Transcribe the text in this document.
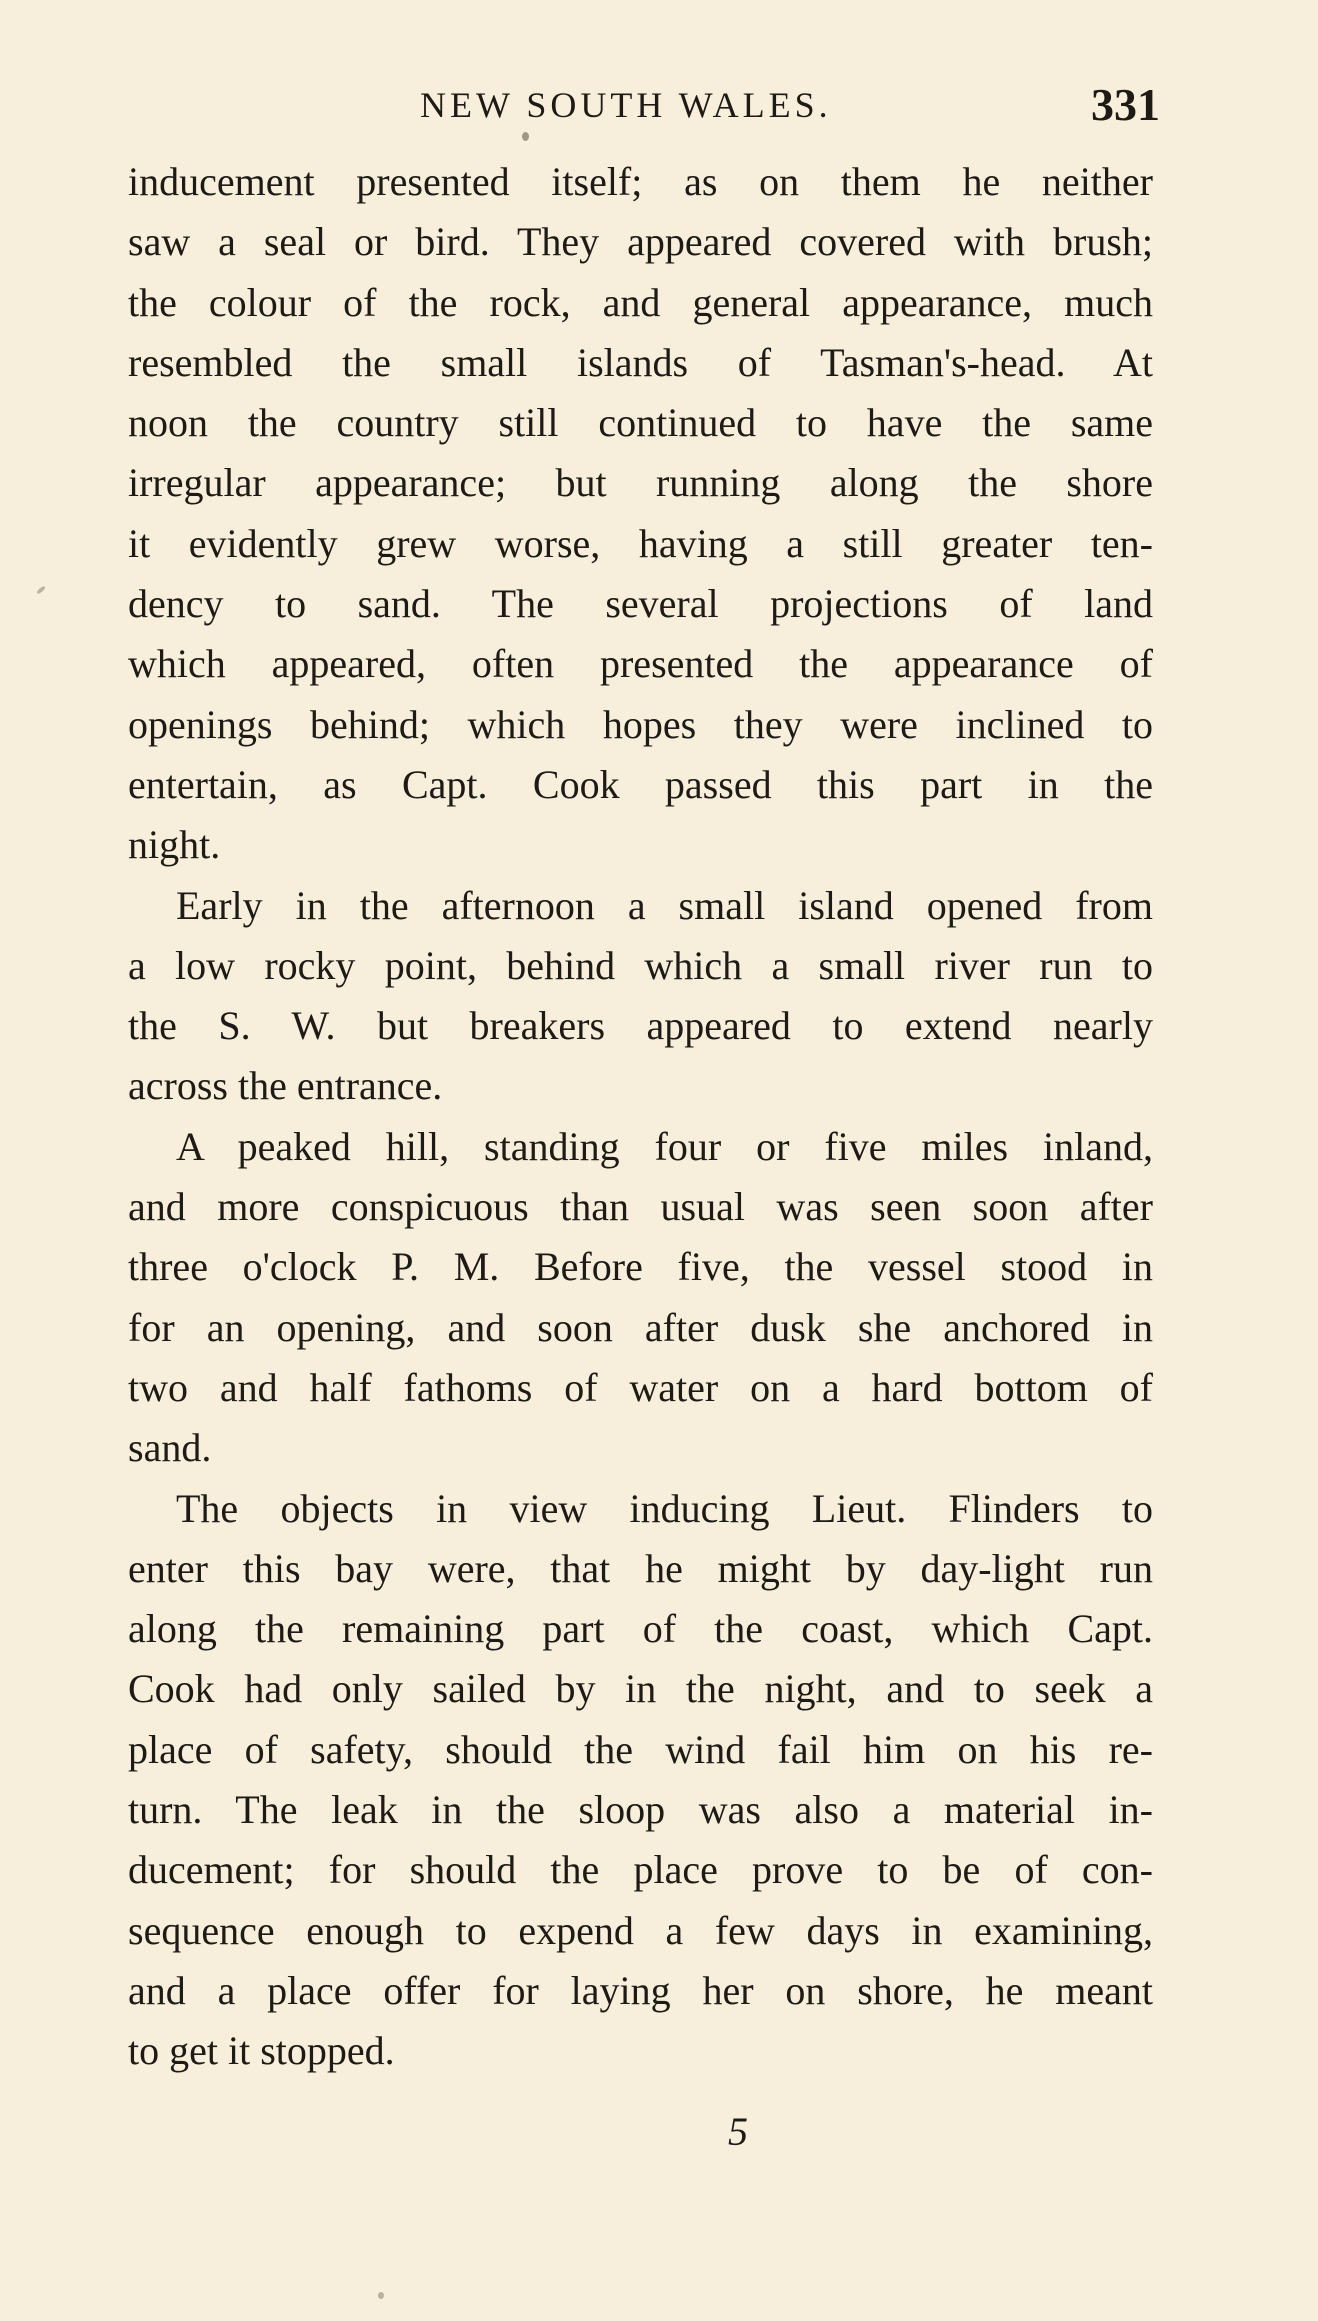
NEW SOUTH WALES.	331
inducement presented itself; as on them he neither
saw a seal or bird. They appeared covered with brush;
the colour of the rock, and general appearance, much
resembled the small islands of Tasman's-head. At
noon the country still continued to have the same
irregular appearance; but running along the shore
it evidently grew worse, having a still greater ten-
dency to sand. The several projections of land
which appeared, often presented the appearance of
openings behind; which hopes they were inclined to
entertain, as Capt. Cook passed this part in the
night.
Early in the afternoon a small island opened from
a low rocky point, behind which a small river run to
the S. W. but breakers appeared to extend nearly
across the entrance.
A peaked hill, standing four or five miles inland,
and more conspicuous than usual was seen soon after
three o'clock P. M. Before five, the vessel stood in
for an opening, and soon after dusk she anchored in
two and half fathoms of water on a hard bottom of
sand.
The objects in view inducing Lieut. Flinders to
enter this bay were, that he might by day-light run
along the remaining part of the coast, which Capt.
Cook had only sailed by in the night, and to seek a
place of safety, should the wind fail him on his re-
turn. The leak in the sloop was also a material in-
ducement; for should the place prove to be of con-
sequence enough to expend a few days in examining,
and a place offer for laying her on shore, he meant
to get it stopped.
5
